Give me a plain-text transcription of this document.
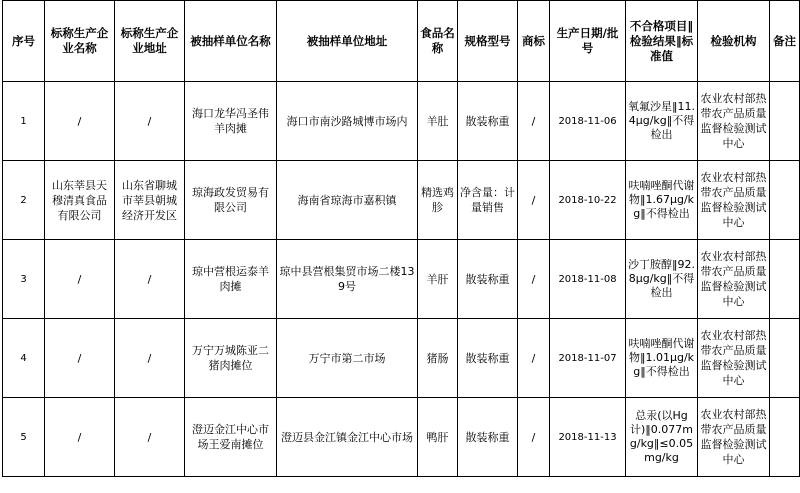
序号	标称生产企业名称	标称生产企业地址	被抽样单位名称	被抽样单位地址	食品名称	规格型号	商标	生产日期/批号	不合格项目‖检验结果‖标准值	检验机构	备注
1	/	/	海口龙华冯圣伟羊肉摊	海口市南沙路城博市场内	羊肚	散装称重	/	2018-11-06	氧氟沙星‖11.4μg/kg‖不得检出	农业农村部热带农产品质量监督检验测试中心	
2	山东莘县天穆清真食品有限公司	山东省聊城市莘县朝城经济开发区	琼海政发贸易有限公司	海南省琼海市嘉积镇	精选鸡胗	净含量：计量销售	/	2018-10-22	呋喃唑酮代谢物‖1.67μg/kg‖不得检出	农业农村部热带农产品质量监督检验测试中心	
3	/	/	琼中营根运泰羊肉摊	琼中县营根集贸市场二楼139号	羊肝	散装称重	/	2018-11-08	沙丁胺醇‖92.8μg/kg‖不得检出	农业农村部热带农产品质量监督检验测试中心	
4	/	/	万宁万城陈亚二猪肉摊位	万宁市第二市场	猪肠	散装称重	/	2018-11-07	呋喃唑酮代谢物‖1.01μg/kg‖不得检出	农业农村部热带农产品质量监督检验测试中心	
5	/	/	澄迈金江中心市场王爱南摊位	澄迈县金江镇金江中心市场	鸭肝	散装称重	/	2018-11-13	总汞(以Hg计)‖0.077mg/kg‖≤0.05mg/kg	农业农村部热带农产品质量监督检验测试中心	
